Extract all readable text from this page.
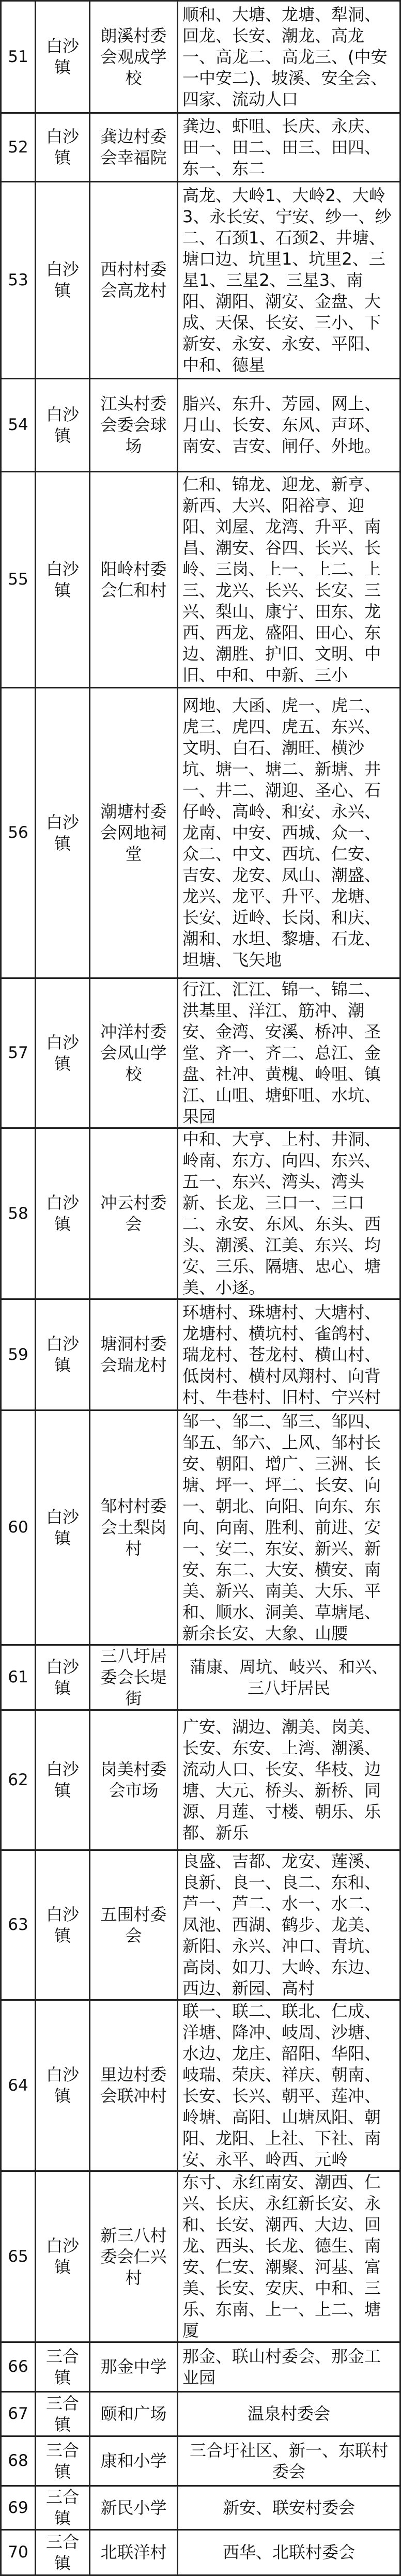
51	白沙镇	朗溪村委会观成学校	顺和、大塘、龙塘、犁洞、回龙、长安、潮龙、高龙一、高龙二、高龙三、(中安一中安二)、坡溪、安全会、四家、流动人口
52	白沙镇	龚边村委会幸福院	龚边、虾咀、长庆、永庆、田一、田二、田三、田四、东一、东二
53	白沙镇	西村村委会高龙村	高龙、大岭1、大岭2、大岭3、永长安、宁安、纱一、纱二、石颈1、石颈2、井塘、塘口边、坑里1、坑里2、三星1、三星2、三星3、南阳、潮阳、潮安、金盘、大成、天保、长安、三小、下新安、永安、永安、平阳、中和、德星
54	白沙镇	江头村委会委会球场	脂兴、东升、芳园、网上、月山、长安、东风、声环、南安、吉安、闸仔、外地。
55	白沙镇	阳岭村委会仁和村	仁和、锦龙、迎龙、新亨、新西、大兴、阳裕亨、迎阳、刘屋、龙湾、升平、南昌、潮安、谷四、长兴、长岭、三岗、上一、上二、上三、龙兴、长兴、长安、三兴、梨山、康宁、田东、龙西、西龙、盛阳、田心、东边、潮胜、护旧、文明、中旧、中和、中新、三小
56	白沙镇	潮塘村委会网地祠堂	网地、大函、虎一、虎二、虎三、虎四、虎五、东兴、文明、白石、潮旺、横沙坑、塘一、塘二、新塘、井一、井二、潮迎、圣心、石仔岭、高岭、和安、永兴、龙南、中安、西城、众一、众二、中文、西坑、仁安、吉安、龙安、凤山、潮盛、龙兴、龙平、升平、龙塘、长安、近岭、长岗、和庆、潮和、水坦、黎塘、石龙、坦塘、飞矢地
57	白沙镇	冲洋村委会凤山学校	行江、汇江、锦一、锦二、洪基里、洋江、筋冲、潮安、金湾、安溪、桥冲、圣堂、齐一、齐二、总江、金盘、社冲、黄槐、岭咀、镇江、山咀、塘虾咀、水坑、果园
58	白沙镇	冲云村委会	中和、大亨、上村、井洞、岭南、东方、向四、东兴、五一、东兴、湾头、湾头新、长龙、三口一、三口二、永安、东风、东头、西头、潮溪、江美、东兴、均安、三乐、隔塘、忠心、塘美、小逐。
59	白沙镇	塘洞村委会瑞龙村	环塘村、珠塘村、大塘村、龙塘村、横坑村、雀鸽村、瑞龙村、苍龙村、横山村、低岗村、横村凤翔村、向背村、牛巷村、旧村、宁兴村
60	白沙镇	邹村村委会土梨岗村	邹一、邹二、邹三、邹四、邹五、邹六、上风、邹村长安、朝阳、增广、三洲、长塘、坪一、坪二、长安、向一、朝北、向阳、向东、东向、向南、胜利、前进、安一、安二、东安、新兴、新安、东二、大安、横安、南美、新兴、南美、大乐、平和、顺水、洞美、草塘尾、新余长安、大象、山腰
61	白沙镇	三八圩居委会长堤街	蒲康、周坑、岐兴、和兴、三八圩居民
62	白沙镇	岗美村委会市场	广安、湖边、潮美、岗美、长安、东安、上湾、潮溪、流动人口、长安、华枝、边塘、大元、桥头、新桥、同源、月莲、寸楼、朝乐、乐都、新乐
63	白沙镇	五围村委会	良盛、吉都、龙安、莲溪、良新、良一、良二、东和、芦一、芦二、水一、水二、凤池、西湖、鹤步、龙美、新阳、永兴、冲口、青坑、高岗、如刀、大岭、东边、西边、新园、高村
64	白沙镇	里边村委会联冲村	联一、联二、联北、仁成、洋塘、降冲、岐周、沙塘、水边、龙庄、韶阳、华阳、岐瑞、荣庆、祥庆、朝南、长安、长兴、朝平、莲冲、岭塘、高阳、山塘凤阳、朝阳、龙阳、上社、下社、南安、永平、岭西、元岭
65	白沙镇	新三八村委会仁兴村	东寸、永红南安、潮西、仁兴、长庆、永红新长安、永和、长安、潮西、大边、回龙、西头、长龙、德生、南安、仁安、潮聚、河基、富美、长安、安庆、中和、三乐、东南、上一、上二、塘厦
66	三合镇	那金中学	那金、联山村委会、那金工业园
67	三合镇	颐和广场	温泉村委会
68	三合镇	康和小学	三合圩社区、新一、东联村委会
69	三合镇	新民小学	新安、联安村委会
70	三合镇	北联洋村	西华、北联村委会
